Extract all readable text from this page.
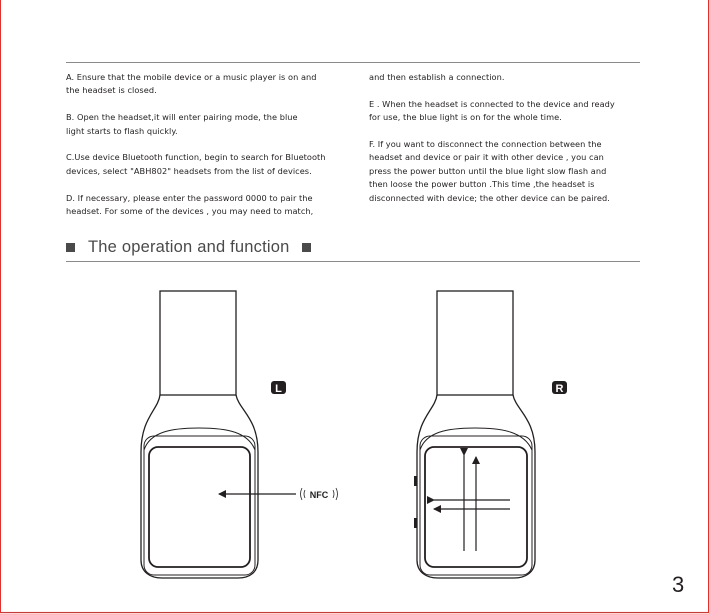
A. Ensure that the mobile device or a music player is on and
the headset is closed.

B. Open the headset,it will enter pairing mode, the blue
light starts to flash quickly.

C.Use device Bluetooth function, begin to search for Bluetooth
devices, select "ABH802" headsets from the list of devices.

D. If necessary, please enter the password 0000 to pair the
headset. For some of the devices , you may need to match,

and then establish a connection.

E . When the headset is connected to the device and ready
for use, the blue light is on for the whole time.

F. If you want to disconnect the connection between the
headset and device or pair it with other device , you can
press the power button until the blue light slow flash and
then loose the power button .This time ,the headset is
disconnected with device; the other device can be paired.

The operation and function
NFC
L	R
3
